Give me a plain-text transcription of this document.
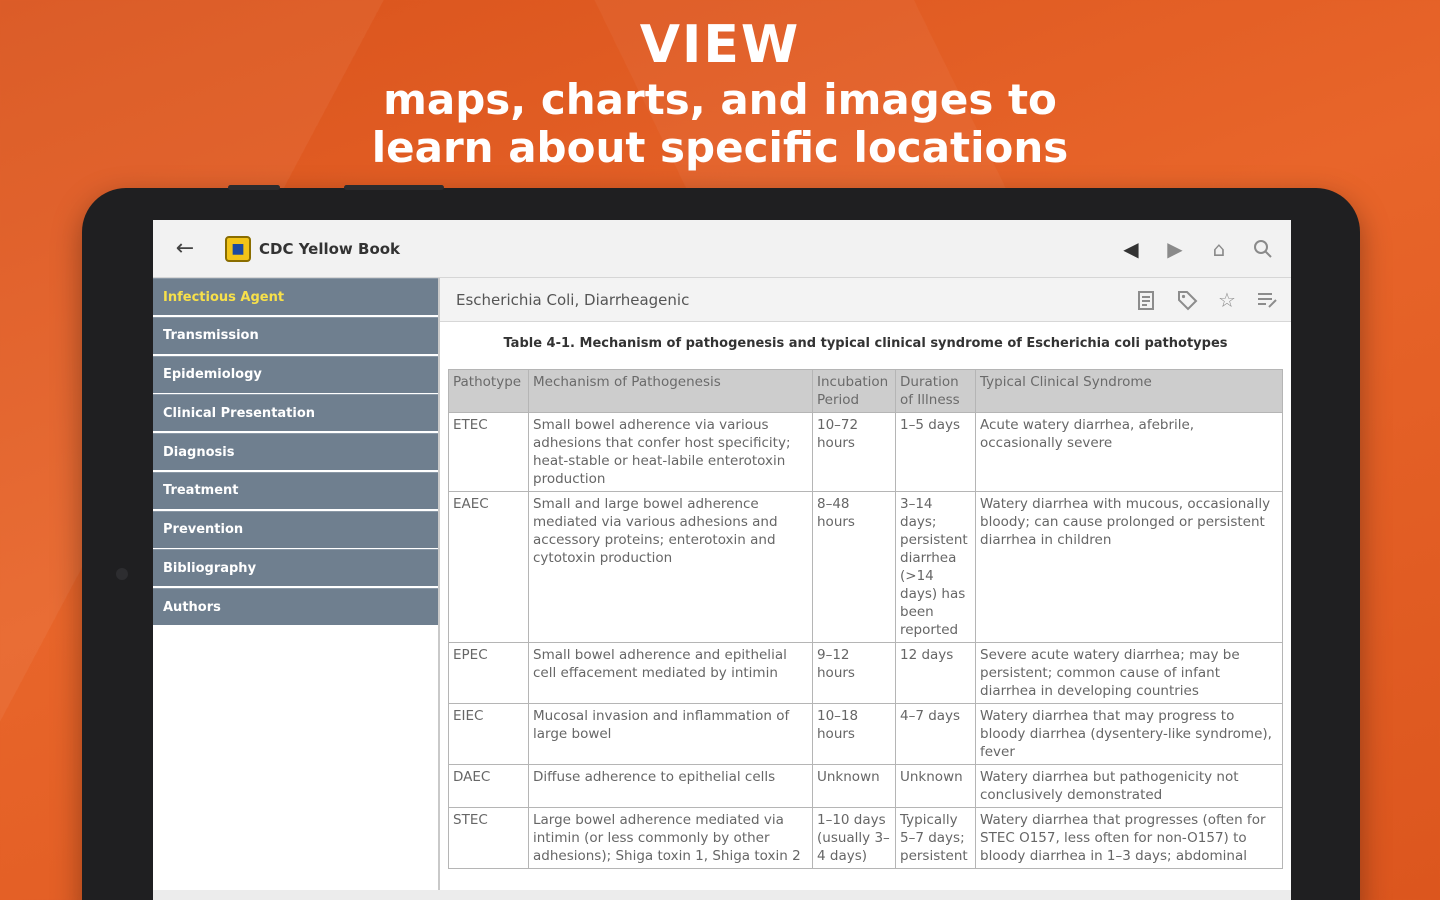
VIEW
maps, charts, and images to
learn about specific locations
←	■ CDC Yellow Book	◀	▶	⌂
Infectious Agent
Transmission
Epidemiology
Clinical Presentation
Diagnosis
Treatment
Prevention
Bibliography
Authors
Escherichia Coli, Diarrheagenic	☆
Table 4-1. Mechanism of pathogenesis and typical clinical syndrome of Escherichia coli pathotypes
Pathotype	Mechanism of Pathogenesis	Incubation Period	Duration of Illness	Typical Clinical Syndrome
ETEC	Small bowel adherence via various adhesions that confer host specificity; heat-stable or heat-labile enterotoxin production	10–72 hours	1–5 days	Acute watery diarrhea, afebrile, occasionally severe
EAEC	Small and large bowel adherence mediated via various adhesions and accessory proteins; enterotoxin and cytotoxin production	8–48 hours	3–14 days; persistent diarrhea (>14 days) has been reported	Watery diarrhea with mucous, occasionally bloody; can cause prolonged or persistent diarrhea in children
EPEC	Small bowel adherence and epithelial cell effacement mediated by intimin	9–12 hours	12 days	Severe acute watery diarrhea; may be persistent; common cause of infant diarrhea in developing countries
EIEC	Mucosal invasion and inflammation of large bowel	10–18 hours	4–7 days	Watery diarrhea that may progress to bloody diarrhea (dysentery-like syndrome), fever
DAEC	Diffuse adherence to epithelial cells	Unknown	Unknown	Watery diarrhea but pathogenicity not conclusively demonstrated
STEC	Large bowel adherence mediated via intimin (or less commonly by other adhesions); Shiga toxin 1, Shiga toxin 2	1–10 days (usually 3–4 days)	Typically 5–7 days; persistent	Watery diarrhea that progresses (often for STEC O157, less often for non-O157) to bloody diarrhea in 1–3 days; abdominal
